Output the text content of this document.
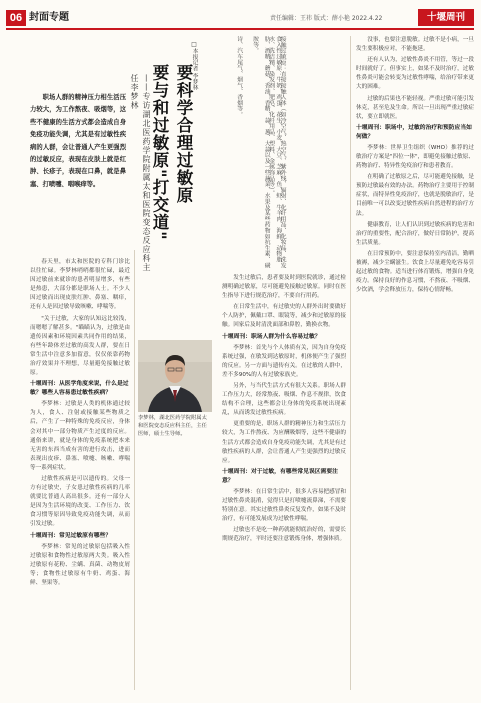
06 封面专题	责任编辑：王祎 版式：薛小艳 2022.4.22	十堰周刊
职场人群的精神压力相生活压力较大，为工作熬夜、吸烟等，这些不健康的生活方式都会造成自身免疫功能失调，尤其是有过敏性疾病的人群，会让普通人产生更强烈的过敏反应，表现在皮肤上就是红肿、长疹子，表现在口鼻，就是鼻塞、打喷嚏、咽喉痒等。
□本报记者 李梦林
要科学合理过敏原
要与和过敏原"打交道"
——专访湖北医药学院附属太和医院变态反应科主任李梦林	诗、汽车尾气、烟气、香烟等。	食入性过敏原：牛奶、鸡蛋、花生、小麦、大豆、芝麻、鱼、虾、牛羊肉、海鲜、动物脂肪、酒精、蘑菇、香油、香精、蒜、葱、大蒜以及一些蔬菜、水果及某些药物如抗生素、磺胺等。	接触过敏原：直接接触人体（如冷空气、热空气、紫外线、辐射、化纤用品、化妆品、洗发水、洗洁精、染发剂、肥皂、化纤用品、塑料、金属饰品等）。

春天里，市太和医院的专科门诊比以往忙碌。李梦林哨哨都很忙碌，最近因过敏前来就诊的患者明显增多，有些是热患，大部分都是职场人士。不少人因过敏而出现皮肤红肿、鼻塞、咽痒，还有人是因过敏导致咳嗽、哮喘等。

"关于过敏，大家的认知远比较浅，而嗯嗯了解甚多。"瞄瞄认为，过敏是由遗传因素和环境因素共同作用的结果，有些年龄体差过敏的高发人群，要在日常生活中注意多加留意，仅仅依靠药物治疗效果并不理想，尽量避免接触过敏原。

十堰周刊：从医学角度来说，什么是过敏？哪些人容易患过敏性疾病？

李梦林：过敏是人类的机体通过较为人，食人、注射或接触某些物质之后，产生了一种特殊的免疫反应，身体会对其中一部分物质产生过度的反应。通俗来讲，就是身体的免疫系统把本来无害的东西当成有害的进行攻击，进而表现出皮疹、鼻塞、喷嚏、咳嗽、哮喘等一系列症状。

过敏性疾病是可以遗传的。父母一方有过敏史，子女患过敏性疾病的几率就要比普通人高出很多。还有一部分人是因为生活环境的改变、工作压力、饮食习惯等原因导致免疫功能失调，从而引发过敏。

十堰周刊：常见过敏原有哪些？

李梦林：常见的过敏原包括吸入性过敏原和食物性过敏原两大类。吸入性过敏原有花粉、尘螨、真菌、动物皮屑等；食物性过敏原有牛奶、鸡蛋、海鲜、坚果等。

李梦林，湖北医药学院附属太和医院变态反应科主任，主任医师，硕士生导师。

发生过敏后，患者要及时到医院就诊，通过检测明确过敏原，尽可能避免接触过敏原。同时在医生指导下进行规范治疗，不要自行用药。

在日常生活中，有过敏史的人群外出时要做好个人防护，佩戴口罩、眼镜等，减少和过敏原的接触。回家后及时清洗面部和鼻腔，勤换衣物。

十堰周刊：职场人群为什么容易过敏？

李梦林：首先与个人体质有关，因为自身免疫系统过强，在敏发到达敏原时，机体便产生了强烈的反应。另一方面与遗传有关。在过敏的人群中，差不多90%的人有过敏家族史。

另外，与当代生活方式有很大关系。职场人群工作压力大，经常熬夜、吸烟、作息不规律，饮食结构不合理，这些都会让身体的免疫系统出现紊乱，从而诱发过敏性疾病。

更重要的是，职场人群的精神压力和生活压力较大，为工作熬夜、为应酬吸烟等，这些不健康的生活方式都会造成自身免疫功能失调，尤其是有过敏性疾病的人群，会让普通人产生更强烈的过敏反应。

十堰周刊：对于过敏，有哪些常见误区需要注意？

李梦林：在日常生活中，很多人容易把感冒和过敏性鼻炎混淆，觉得只是打喷嚏流鼻涕，不需要特别在意。其实过敏性鼻炎反复发作，如果不及时治疗，有可能发展成为过敏性哮喘。

过敏也不是吃一种药就能彻底治好的，需要长期规范治疗，平时还要注意锻炼身体，增强体质。

没事，也要注意脱敏。过敏不是小病，一旦发生要积极应对，不能拖延。

还有人认为，过敏性鼻炎不用管，等过一段时间就好了。但事实上，如果不及时治疗，过敏性鼻炎可能会转变为过敏性哮喘，给治疗带来更大的困难。

过敏的后果也不能轻视。严重过敏可能引发休克，甚至危及生命。所以一旦出现严重过敏症状，要立即就医。

十堰周刊：职场中，过敏的治疗和预防应当如何做？

李梦林：世界卫生组织（WHO）推荐的过敏治疗方案是"四位一体"，即避免接触过敏原、药物治疗、特异性免疫治疗和患者教育。

在明确了过敏原之后，尽可能避免接触，是预防过敏最有效的办法。药物治疗主要用于控制症状，而特异性免疫治疗，也就是脱敏治疗，是目前唯一可以改变过敏性疾病自然进程的治疗方法。

健康教育，让人们认识到过敏疾病的危害和治疗的重要性，配合治疗，做好日常防护，提高生活质量。

在日常预防中，要注意保持室内清洁，勤晒被褥，减少尘螨滋生。饮食上尽量避免吃容易引起过敏的食物。适当进行体育锻炼，增强自身免疫力。保持良好的作息习惯，不熬夜、不吸烟、少饮酒，学会释放压力，保持心情舒畅。
